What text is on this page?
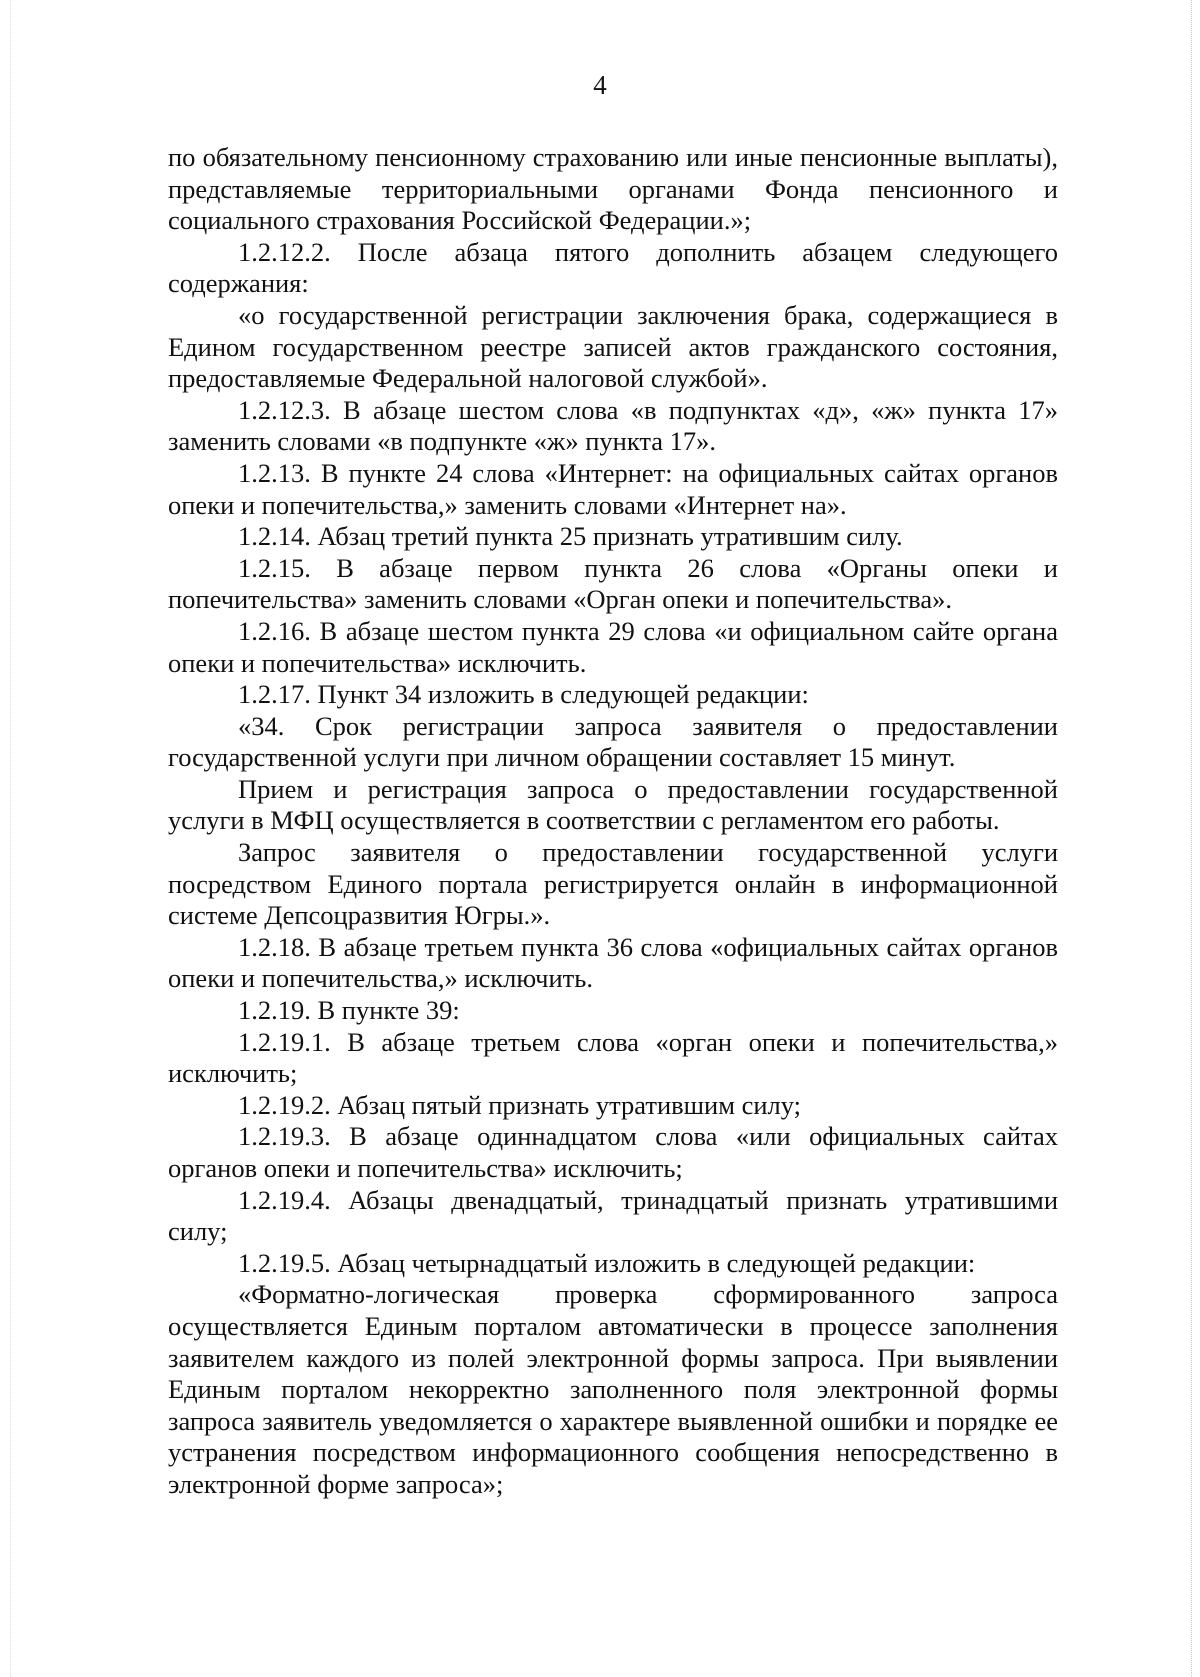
4

по обязательному пенсионному страхованию или иные пенсионные выплаты), представляемые территориальными органами Фонда пенсионного и социального страхования Российской Федерации.»;

1.2.12.2. После абзаца пятого дополнить абзацем следующего содержания:

«о государственной регистрации заключения брака, содержащиеся в Едином государственном реестре записей актов гражданского состояния, предоставляемые Федеральной налоговой службой».

1.2.12.3. В абзаце шестом слова «в подпунктах «д», «ж» пункта 17» заменить словами «в подпункте «ж» пункта 17».

1.2.13. В пункте 24 слова «Интернет: на официальных сайтах органов опеки и попечительства,» заменить словами «Интернет на».

1.2.14. Абзац третий пункта 25 признать утратившим силу.

1.2.15. В абзаце первом пункта 26 слова «Органы опеки и попечительства» заменить словами «Орган опеки и попечительства».

1.2.16. В абзаце шестом пункта 29 слова «и официальном сайте органа опеки и попечительства» исключить.

1.2.17. Пункт 34 изложить в следующей редакции:

«34. Срок регистрации запроса заявителя о предоставлении государственной услуги при личном обращении составляет 15 минут.

Прием и регистрация запроса о предоставлении государственной услуги в МФЦ осуществляется в соответствии с регламентом его работы.

Запрос заявителя о предоставлении государственной услуги посредством Единого портала регистрируется онлайн в информационной системе Депсоцразвития Югры.».

1.2.18. В абзаце третьем пункта 36 слова «официальных сайтах органов опеки и попечительства,» исключить.

1.2.19. В пункте 39:

1.2.19.1. В абзаце третьем слова «орган опеки и попечительства,» исключить;

1.2.19.2. Абзац пятый признать утратившим силу;

1.2.19.3. В абзаце одиннадцатом слова «или официальных сайтах органов опеки и попечительства» исключить;

1.2.19.4. Абзацы двенадцатый, тринадцатый признать утратившими силу;

1.2.19.5. Абзац четырнадцатый изложить в следующей редакции:

«Форматно-логическая проверка сформированного запроса осуществляется Единым порталом автоматически в процессе заполнения заявителем каждого из полей электронной формы запроса. При выявлении Единым порталом некорректно заполненного поля электронной формы запроса заявитель уведомляется о характере выявленной ошибки и порядке ее устранения посредством информационного сообщения непосредственно в электронной форме запроса»;
